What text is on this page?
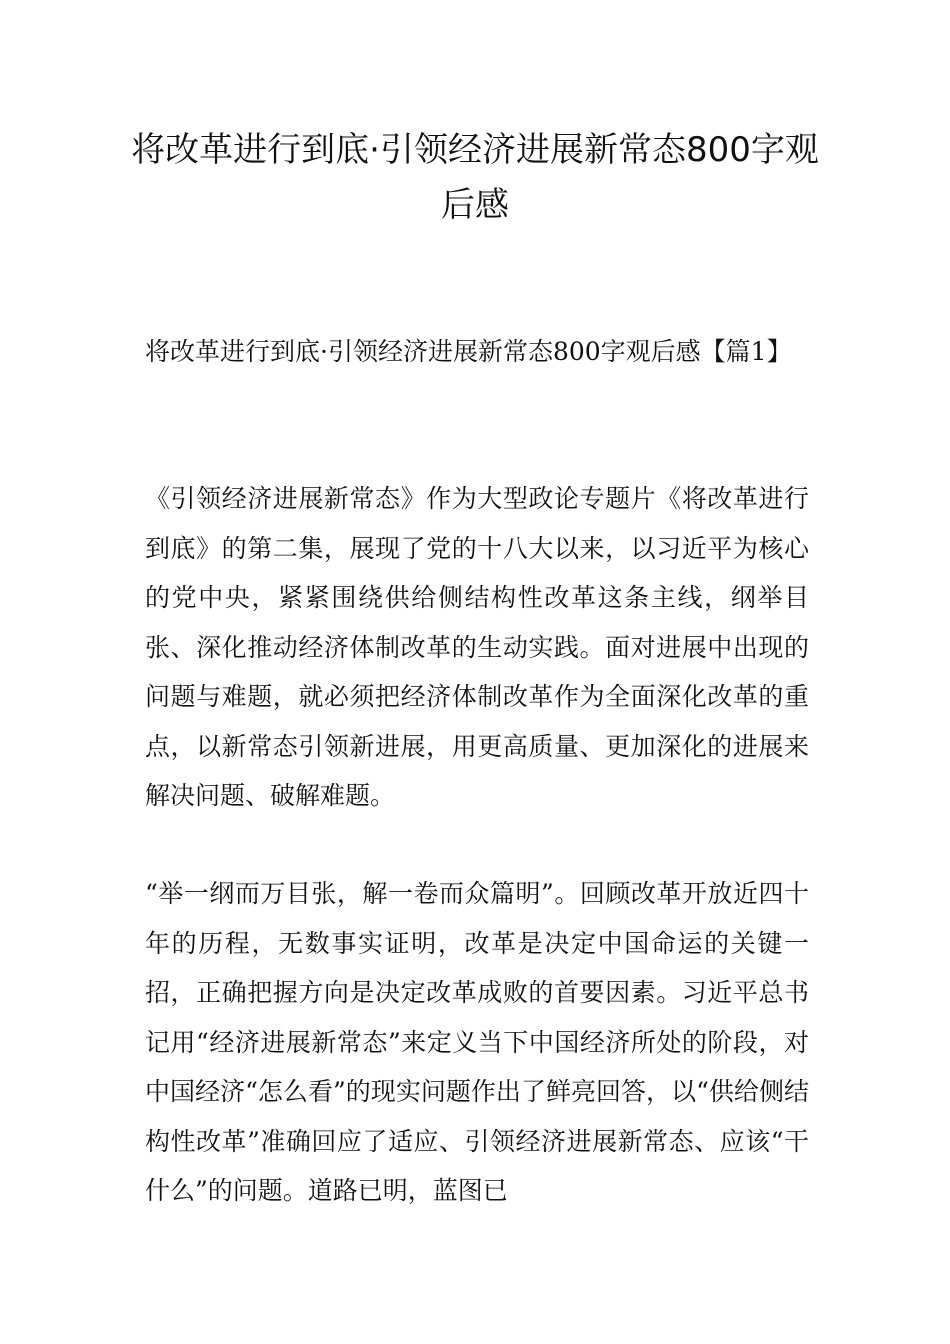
将改革进行到底·引领经济进展新常态800字观后感

将改革进行到底·引领经济进展新常态800字观后感【篇1】

《引领经济进展新常态》作为大型政论专题片《将改革进行到底》的第二集，展现了党的十八大以来，以习近平为核心的党中央，紧紧围绕供给侧结构性改革这条主线，纲举目张、深化推动经济体制改革的生动实践。面对进展中出现的问题与难题，就必须把经济体制改革作为全面深化改革的重点，以新常态引领新进展，用更高质量、更加深化的进展来解决问题、破解难题。

“举一纲而万目张，解一卷而众篇明”。回顾改革开放近四十年的历程，无数事实证明，改革是决定中国命运的关键一招，正确把握方向是决定改革成败的首要因素。习近平总书记用“经济进展新常态”来定义当下中国经济所处的阶段，对中国经济“怎么看”的现实问题作出了鲜亮回答，以“供给侧结构性改革”准确回应了适应、引领经济进展新常态、应该“干什么”的问题。道路已明，蓝图已
